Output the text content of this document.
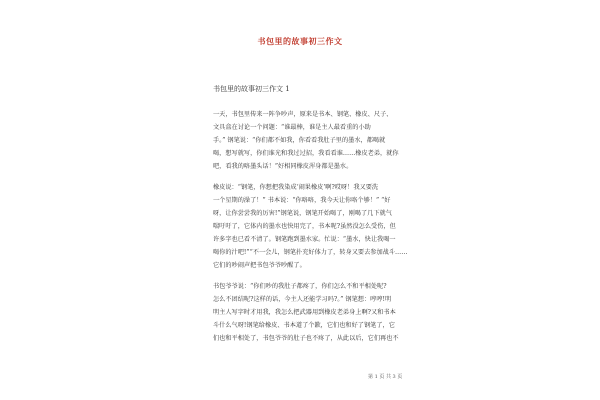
书包里的故事初三作文
书包里的故事初三作文 1
一天，书包里传来一阵争吵声，原来是书本、钢笔、橡皮、尺子、
文具盒在讨论一个问题：“谁最棒，谁是主人最看重的小助
手。” 钢笔说：“你们都不如我，你看看我肚子里的墨水，都喝就
喝，想写就写，你们谁光和我过过招，我看看谁……橡皮老弟，就你
吧，看我的咯墨头话！”好相同橡皮浑身都是墨水。
橡皮说：“钢笔，你想把我染成‘闹果橡皮’啊?哎呀！我又要洗
一个星期的澡了！” 书本说：“你咯咯，我今天让你咯个够！” “好
呀，让你尝尝我的厉害!”钢笔说，钢笔开始喝了，刚喝了几下就气
喘吁吁了，它体内的墨水也快用完了，书本呢?虽然没怎么受伤，但
许多字也已看不清了。钢笔跑到墨水家。忙说：“墨水，快让我喝一
喝你的汁吧!”“不一会儿，钢笔扑充好体力了，转身又要去参加战斗……
它们的吵闹声把书包爷爷吵醒了。
书包爷爷说：“你们吵的我肚子都疼了，你们怎么不和平相处呢?
怎么不团结呢?这样的话，今主人还能学习吗?。” 钢笔想：哼哼!明
明主人写字时才用我，我怎么把武器用到橡皮老弟身上啊?又和书本
斗什么气呀!钢笔给橡皮、书本道了个歉，它们也和好了钢笔了，它
们也和平相处了，书包爷爷的肚子也不疼了，从此以后，它们再也不
第 1 页 共 3 页
